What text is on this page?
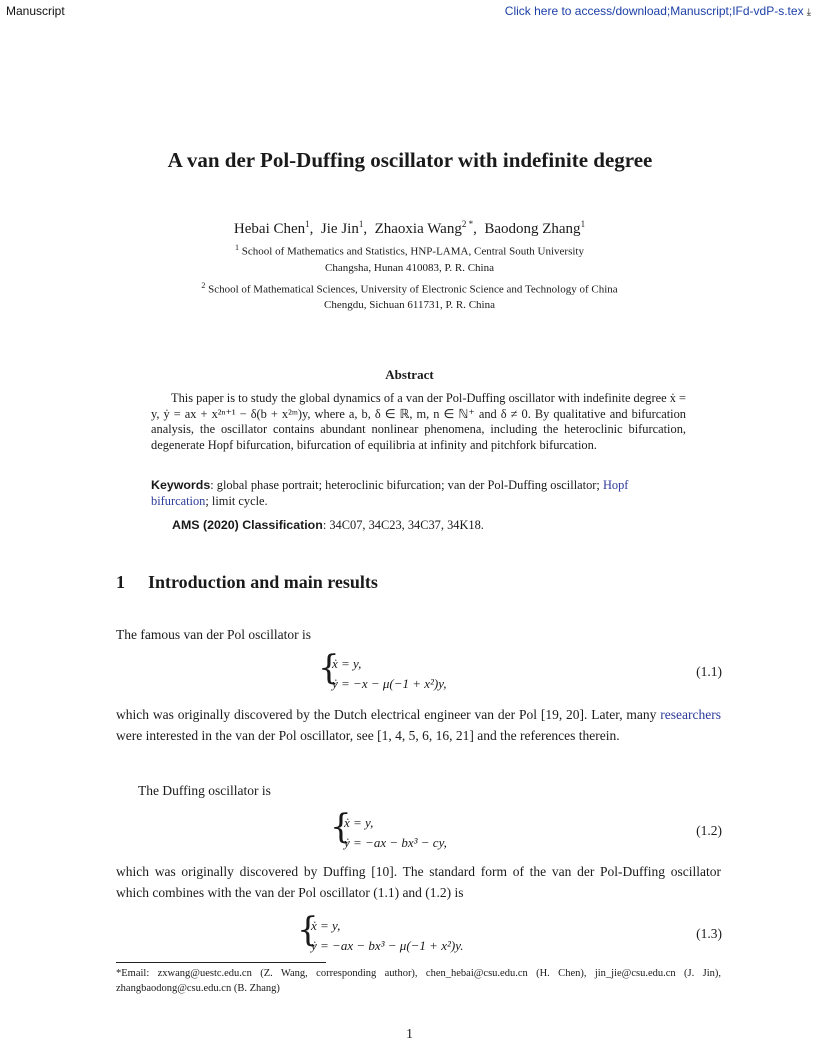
Manuscript	Click here to access/download;Manuscript;IFd-vdP-s.tex ⤓
A van der Pol-Duffing oscillator with indefinite degree
Hebai Chen$^1$,  Jie Jin$^1$,  Zhaoxia Wang$^{2 *}$,  Baodong Zhang$^1$
$^1$ School of Mathematics and Statistics, HNP-LAMA, Central South University
Changsha, Hunan 410083, P. R. China
$^2$ School of Mathematical Sciences, University of Electronic Science and Technology of China
Chengdu, Sichuan 611731, P. R. China
Abstract

This paper is to study the global dynamics of a van der Pol-Duffing oscillator with indefinite degree ẋ = y, ẏ = ax + x²ⁿ⁺¹ − δ(b + x²ᵐ)y, where a, b, δ ∈ ℝ, m, n ∈ ℕ⁺ and δ ≠ 0. By qualitative and bifurcation analysis, the oscillator contains abundant nonlinear phenomena, including the heteroclinic bifurcation, degenerate Hopf bifurcation, bifurcation of equilibria at infinity and pitchfork bifurcation.

Keywords: global phase portrait; heteroclinic bifurcation; van der Pol-Duffing oscillator; Hopf bifurcation; limit cycle.
AMS (2020) Classification: 34C07, 34C23, 34C37, 34K18.
1 Introduction and main results
The famous van der Pol oscillator is
{
ẋ = y,
ẏ = −x − μ(−1 + x²)y,
(1.1)
which was originally discovered by the Dutch electrical engineer van der Pol [19, 20]. Later, many researchers were interested in the van der Pol oscillator, see [1, 4, 5, 6, 16, 21] and the references therein.
The Duffing oscillator is
{
ẋ = y,
ẏ = −ax − bx³ − cy,
(1.2)
which was originally discovered by Duffing [10]. The standard form of the van der Pol-Duffing oscillator which combines with the van der Pol oscillator (1.1) and (1.2) is
{
ẋ = y,
ẏ = −ax − bx³ − μ(−1 + x²)y.
(1.3)
*Email: zxwang@uestc.edu.cn (Z. Wang, corresponding author), chen_hebai@csu.edu.cn (H. Chen), jin_jie@csu.edu.cn (J. Jin), zhangbaodong@csu.edu.cn (B. Zhang)
1
